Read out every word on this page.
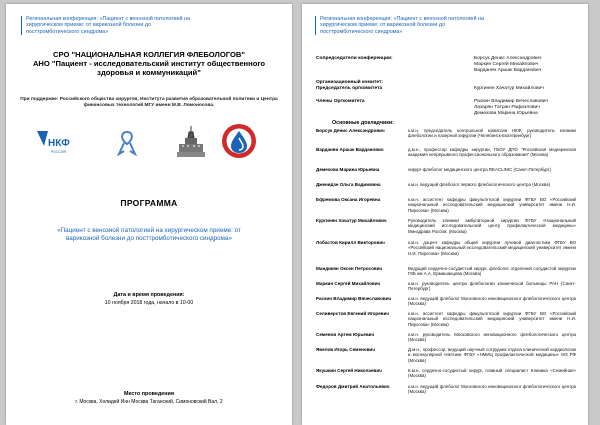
Региональная конференция: «Пациент с венозной патологией на хирургическом приеме: от варикозной болезни до посттромботического синдрома»
СРО "НАЦИОНАЛЬНАЯ КОЛЛЕГИЯ ФЛЕБОЛОГОВ"
АНО "Пациент - исследовательский институт общественного здоровья и коммуникаций"
При поддержке: Российского общества хирургов, Института развития образовательной политики и Центра финансовых технологий МГУ имени М.В. Ломоносова.
НКФ
РОССИЯ
ПРОГРАММА
«Пациент с венозной патологией на хирургическом приеме: от варикозной болезни до посттромботического синдрома»
Дата и время проведения:
10 ноября 2018 года, начало в 10-00
Место проведения
г. Москва, Холидей Инн Москва Таганский, Симоновский Вал, 2
Региональная конференция: «Пациент с венозной патологией на хирургическом приеме: от варикозной болезни до посттромботического синдрома»
Сопредседатели конференции:	Борсук Денис Александрович
Маркин Сергей Михайлович
Варданян Аршак Варданович
Организационный комитет:
Председатель оргкомитета	Кургинян Хачатур Михайлович
Члены Оргкомитета	Раскин Владимир Вячеславович
Лазарян Татран Рафаэлович
Демехова Марина Юрьевна
Основные докладчики:
Борсук Денис Александрович	к.м.н. председатель контрольной комиссии НКФ, руководитель клиники флебологии и лазерной хирургии (Челябинск-Екатеринбург)
Варданян Аршак Варданович	д.м.н., профессор кафедры хирургии, ГБОУ ДПО "Российская медицинская академия непрерывного профессионального образования" (Москва)
Демехова Марина Юрьевна	хирург-флеболог медицинского центра REACLINIC (Санкт-Петербург)
Дженидзе Ольга Вадимовна	к.м.н. ведущий флеболог первого флебологического центра (Москва)
Ефремова Оксана Игоревна	к.м.н. ассистент кафедры факультетской хирургии ФГБУ ВО «Российский национальный исследовательский медицинский университет имени Н.И. Пирогова» (Москва)
Кургинян Хачатур Михайлович	Руководитель клиники амбулаторной хирургии ФГБУ «Национальный медицинский исследовательский центр профилактической медицины» Минздрава России. (Москва)
Лобастов Кирилл Викторович	к.м.н. доцент кафедры общей хирургии лучевой диагностики ФГБУ ВО «Российский национальный исследовательский медицинский университет имени Н.И. Пирогова» (Москва)
Мандикян Оксен Петросович	Ведущий сердечно-сосудистый хирург, флеболог отделения сосудистой хирургии ГКБ им А.А. Ермишанцева (Москва)
Маркин Сергей Михайлович	к.м.н. руководитель центра флебологии клинической больницы РАН (Санкт-Петербург)
Раскин Владимир Вячеславович	к.м.н. ведущий флеболог Московского инновационного флебологического центра (Москва)
Селиверстов Евгений Игоревич	к.м.н. ассистент кафедры факультетской хирургии ФГБУ ВО «Российский национальный исследовательский медицинский университет имени Н.И. Пирогова» (Москва)
Семенов Артем Юрьевич	к.м.н. руководитель Московского инновационного флебологического центра (Москва)
Явелов Игорь Семенович	Д.м.н., профессор, ведущий научный сотрудник отдела клинической кардиологии и молекулярной генетики ФГБУ «НМИЦ профилактической медицины» МЗ РФ (Москва)
Якушкин Сергей Николаевич	К.м.н. сердечно-сосудистый хирург, главный специалист Клиника «Семейная» (Москва)
Федоров Дмитрий Анатольевич	к.м.н. ведущий флеболог Московского инновационного флебологического центра (Москва)
